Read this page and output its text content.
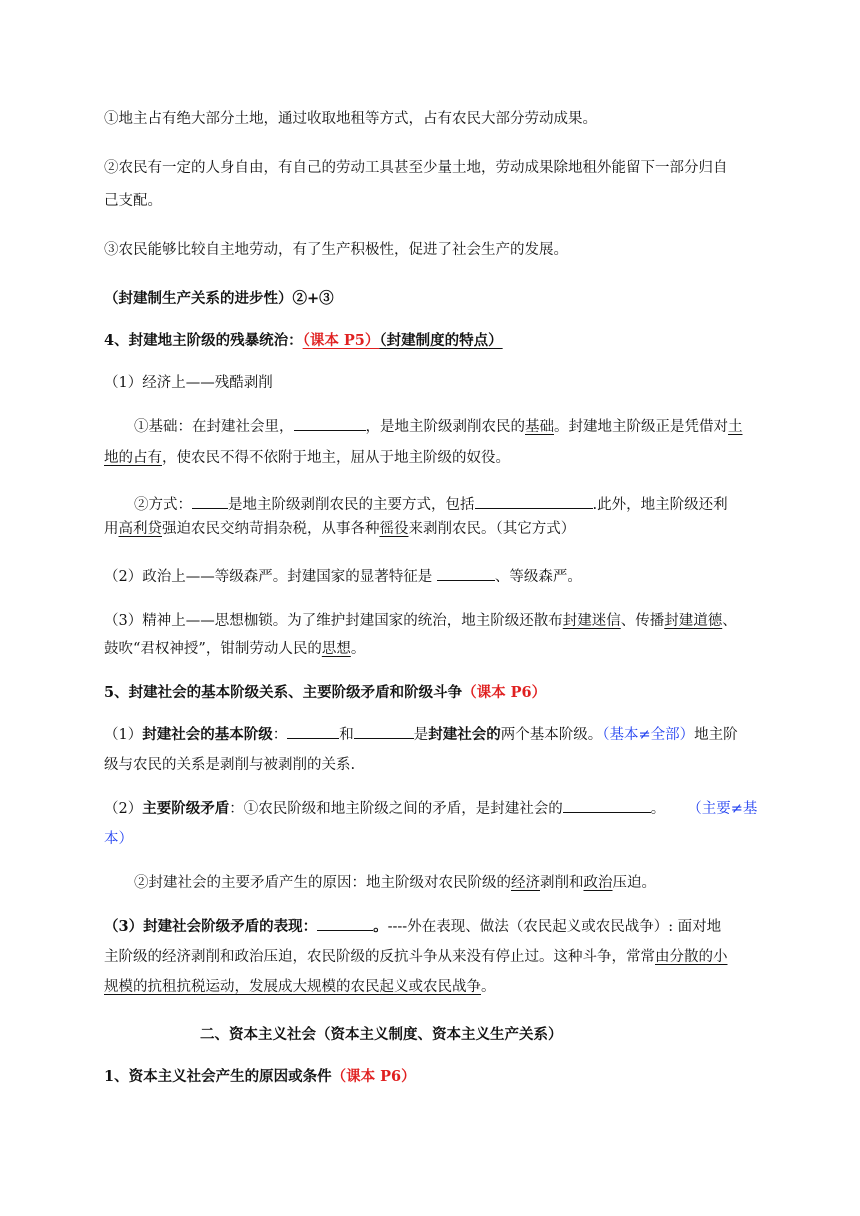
①地主占有绝大部分土地，通过收取地租等方式，占有农民大部分劳动成果。
②农民有一定的人身自由，有自己的劳动工具甚至少量土地，劳动成果除地租外能留下一部分归自
己支配。
③农民能够比较自主地劳动，有了生产积极性，促进了社会生产的发展。
（封建制生产关系的进步性）②+③
4、封建地主阶级的残暴统治：（课本 P5）（封建制度的特点）
（1）经济上——残酷剥削
①基础：在封建社会里，	，是地主阶级剥削农民的基础。封建地主阶级正是凭借对土
地的占有，使农民不得不依附于地主，屈从于地主阶级的奴役。
②方式： 是地主阶级剥削农民的主要方式，包括	.此外，地主阶级还利
用高利贷强迫农民交纳苛捐杂税，从事各种徭役来剥削农民。（其它方式）
（2）政治上——等级森严。封建国家的显著特征是	、等级森严。
（3）精神上——思想枷锁。为了维护封建国家的统治，地主阶级还散布封建迷信、传播封建道德、
鼓吹“君权神授”，钳制劳动人民的思想。
5、封建社会的基本阶级关系、主要阶级矛盾和阶级斗争（课本 P6）
（1）封建社会的基本阶级：	和	是封建社会的两个基本阶级。（基本≠全部）地主阶
级与农民的关系是剥削与被剥削的关系.
（2）主要阶级矛盾：①农民阶级和地主阶级之间的矛盾，是封建社会的	。 （主要≠基
本）
②封建社会的主要矛盾产生的原因：地主阶级对农民阶级的经济剥削和政治压迫。
（3）封建社会阶级矛盾的表现：	。----外在表现、做法（农民起义或农民战争）: 面对地
主阶级的经济剥削和政治压迫，农民阶级的反抗斗争从来没有停止过。这种斗争，常常由分散的小
规模的抗租抗税运动，发展成大规模的农民起义或农民战争。
二、资本主义社会（资本主义制度、资本主义生产关系）
1、资本主义社会产生的原因或条件（课本 P6）
